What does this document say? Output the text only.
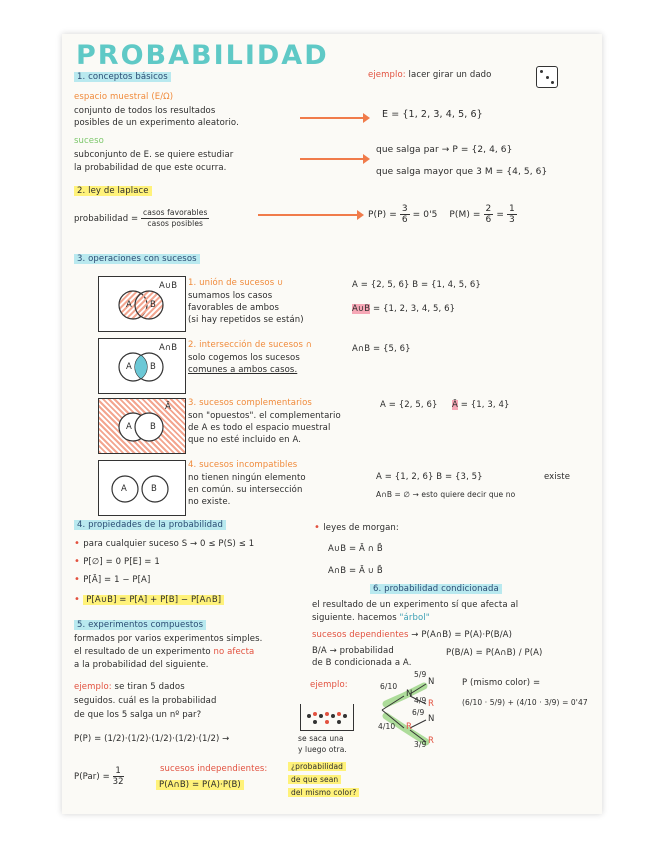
PROBABILIDAD
1. conceptos básicos	ejemplo: lacer girar un dado
espacio muestral (E/Ω)
conjunto de todos los resultados
posibles de un experimento aleatorio.
E = {1, 2, 3, 4, 5, 6}
suceso
subconjunto de E. se quiere estudiar
la probabilidad de que este ocurra.
que salga par → P = {2, 4, 6}
que salga mayor que 3 M = {4, 5, 6}
2. ley de laplace
probabilidad = $\frac{\text{casos favorables}}{\text{casos posibles}}$	$P(P) = \frac{3}{6} = 0'5$ $P(M) = \frac{2}{6} = \frac{1}{3}$
3. operaciones con sucesos
A∪B
A B
1. unión de sucesos ∪
sumamos los casos
favorables de ambos
(si hay repetidos se están)
A = {2, 5, 6} B = {1, 4, 5, 6}
A∪B = {1, 2, 3, 4, 5, 6}
A∩B
A B
2. intersección de sucesos ∩
solo cogemos los sucesos
comunes a ambos casos.
A∩B = {5, 6}
Ā
A B
3. sucesos complementarios
son "opuestos". el complementario
de A es todo el espacio muestral
que no esté incluido en A.
A = {2, 5, 6} Ā = {1, 3, 4}
A	B
4. sucesos incompatibles
no tienen ningún elemento
en común. su intersección
no existe.
A = {1, 2, 6} B = {3, 5}	existe
A∩B = ∅ → esto quiere decir que no
4. propiedades de la probabilidad
• para cualquier suceso S → 0 ≤ P(S) ≤ 1
• P[∅] = 0 P[E] = 1
• P[Ā] = 1 − P[A]
• P[A∪B] = P[A] + P[B] − P[A∩B]
• leyes de morgan:
A∪B = Ā ∩ B̄
A∩B = Ā ∪ B̄
5. experimentos compuestos
formados por varios experimentos simples.
el resultado de un experimento no afecta
a la probabilidad del siguiente.
ejemplo: se tiran 5 dados
seguidos. cuál es la probabilidad
de que los 5 salga un nº par?
P(P) = (1/2)·(1/2)·(1/2)·(1/2)·(1/2) →
$P(Par) = \frac{1}{32}$	sucesos independientes:
P(A∩B) = P(A)·P(B)
6. probabilidad condicionada
el resultado de un experimento sí que afecta al
siguiente. hacemos "árbol"
sucesos dependientes → P(A∩B) = P(A)·P(B/A)
B/A → probabilidad
de B condicionada a A.
P(B/A) = P(A∩B) / P(A)
ejemplo:
se saca una
y luego otra.
¿probabilidad
de que sean
del mismo color?
N
R
N
R
N
R
6/10
4/10
5/9
4/9
6/9
3/9
P (mismo color) =
(6/10 · 5/9) + (4/10 · 3/9) = 0'47
